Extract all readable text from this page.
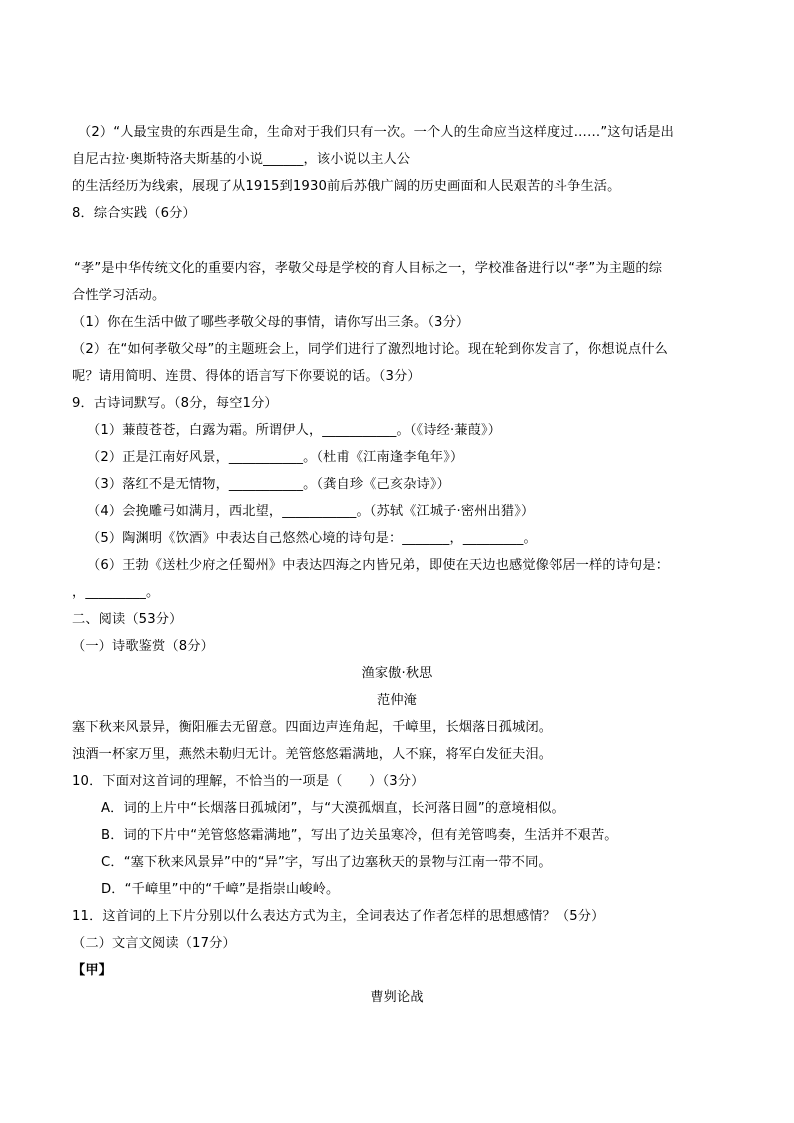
（2）“人最宝贵的东西是生命，生命对于我们只有一次。一个人的生命应当这样度过……”这句话是出
自尼古拉·奥斯特洛夫斯基的小说______，该小说以主人公
的生活经历为线索，展现了从1915到1930前后苏俄广阔的历史画面和人民艰苦的斗争生活。
8．综合实践（6分）
“孝”是中华传统文化的重要内容，孝敬父母是学校的育人目标之一，学校准备进行以“孝”为主题的综
合性学习活动。
（1）你在生活中做了哪些孝敬父母的事情，请你写出三条。（3分）
（2）在“如何孝敬父母”的主题班会上，同学们进行了激烈地讨论。现在轮到你发言了，你想说点什么
呢？请用简明、连贯、得体的语言写下你要说的话。（3分）
9．古诗词默写。（8分，每空1分）
（1）蒹葭苍苍，白露为霜。所谓伊人，___________。（《诗经·蒹葭》）
（2）正是江南好风景，___________。（杜甫《江南逢李龟年》）
（3）落红不是无情物，___________。（龚自珍《己亥杂诗》）
（4）会挽雕弓如满月，西北望，___________。（苏轼《江城子·密州出猎》）
（5）陶渊明《饮酒》中表达自己悠然心境的诗句是：_______，_________。
（6）王勃《送杜少府之任蜀州》中表达四海之内皆兄弟，即使在天边也感觉像邻居一样的诗句是：
，_________。
二、阅读（53分）
（一）诗歌鉴赏（8分）
渔家傲·秋思
范仲淹
塞下秋来风景异，衡阳雁去无留意。四面边声连角起，千嶂里，长烟落日孤城闭。
浊酒一杯家万里，燕然未勒归无计。羌管悠悠霜满地，人不寐，将军白发征夫泪。
10．下面对这首词的理解，不恰当的一项是（　　）（3分）
A．词的上片中“长烟落日孤城闭”，与“大漠孤烟直，长河落日圆”的意境相似。
B．词的下片中“羌管悠悠霜满地”，写出了边关虽寒冷，但有羌管鸣奏，生活并不艰苦。
C．“塞下秋来风景异”中的“异”字，写出了边塞秋天的景物与江南一带不同。
D．“千嶂里”中的“千嶂”是指崇山峻岭。
11．这首词的上下片分别以什么表达方式为主，全词表达了作者怎样的思想感情？（5分）
（二）文言文阅读（17分）
【甲】
曹刿论战
